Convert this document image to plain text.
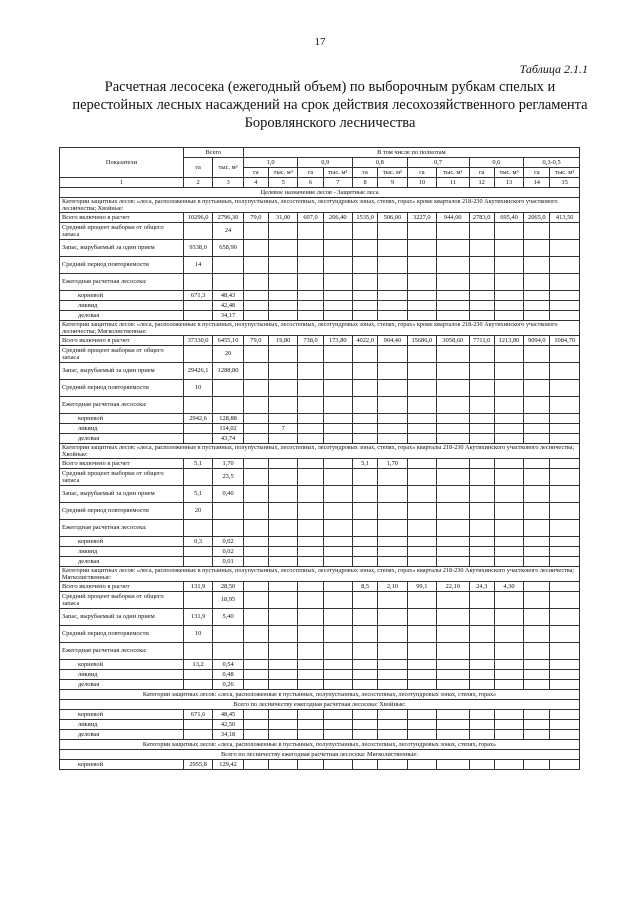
17
Таблица 2.1.1
Расчетная лесосека (ежегодный объем) по выборочным рубкам спелых и перестойных лесных насаждений на срок действия лесохозяйственного регламента Боровлянского лесничества
Показатели	Всего		В том числе по полнотам											
	га	тыс. м³	1,0		0,9		0,8		0,7		0,6		0,3-0,5	
			га	тыс. м³	га	тыс. м³	га	тыс. м³	га	тыс. м³	га	тыс. м³	га	тыс. м³
1	2	3	4	5	6	7	8	9	10	11	12	13	14	15
Целевое назначение лесов - Защитные леса														
Категории защитных лесов: «леса, расположенные в пустынных, полупустынных, лесостепных, лесотундровых зонах, степях, горах» кроме кварталов 218-230 Акутихинского участкового лесничества; Хвойные:														
Всего включено в расчет	10296,0	2796,30	79,0	31,00	607,0	206,40	1535,0	506,00	3227,0	944,00	2783,0	695,40	2065,0	413,50
Средний процент выборки от общего запаса		24												
Запас, вырубаемый за один прием	9338,0	658,90												
Средний период повторяемости	14													
Ежегодная расчетная лесосека:														
корневой	671,3	48,43												
ликвид		42,48												
деловая		34,17												
Категории защитных лесов: «леса, расположенные в пустынных, полупустынных, лесостепных, лесотундровых зонах, степях, горах» кроме кварталов 218-230 Акутихинского участкового лесничества; Мягколиственные:														
Всего включено в расчет	37330,0	6455,10	79,0	19,80	738,0	173,80	4022,0	904,40	15686,0	3058,60	7711,0	1213,80	9094,0	1084,70
Средний процент выборки от общего запаса		20												
Запас, вырубаемый за один прием	29426,1	1288,80												
Средний период повторяемости	10													
Ежегодная расчетная лесосека:														
корневой	2942,6	128,88												
ликвид		114,02		7										
деловая		43,74												
Категории защитных лесов: «леса, расположенные в пустынных, полупустынных, лесостепных, лесотундровых зонах, степях, горах» кварталы 218-230 Акутихинского участкового лесничества; Хвойные:														
Всего включено в расчет	5,1	1,70					5,1	1,70						
Средний процент выборки от общего запаса		23,5												
Запас, вырубаемый за один прием	5,1	0,40												
Средний период повторяемости	20													
Ежегодная расчетная лесосека:														
корневой	0,3	0,02												
ликвид		0,02												
деловая		0,01												
Категории защитных лесов: «леса, расположенные в пустынных, полупустынных, лесостепных, лесотундровых зонах, степях, горах» кварталы 218-230 Акутихинского участкового лесничества; Мягколиственные:														
Всего включено в расчет	131,9	28,50					8,5	2,10	99,1	22,10	24,3	4,30		
Средний процент выборки от общего запаса		18,95												
Запас, вырубаемый за один прием	131,9	5,40												
Средний период повторяемости	10													
Ежегодная расчетная лесосека:														
корневой	13,2	0,54												
ликвид		0,48												
деловая		0,26												
Категории защитных лесов: «леса, расположенные в пустынных, полупустынных, лесостепных, лесотундровых зонах, степях, горах»														
Всего по лесничеству ежегодная расчетная лесосека: Хвойные:														
корневой	671,6	48,45												
ликвид		42,50												
деловая		34,18												
Категории защитных лесов: «леса, расположенные в пустынных, полупустынных, лесостепных, лесотундровых зонах, степях, горах»														
Всего по лесничеству ежегодная расчетная лесосека: Мягколиственные:														
корневой	2955,8	129,42												
